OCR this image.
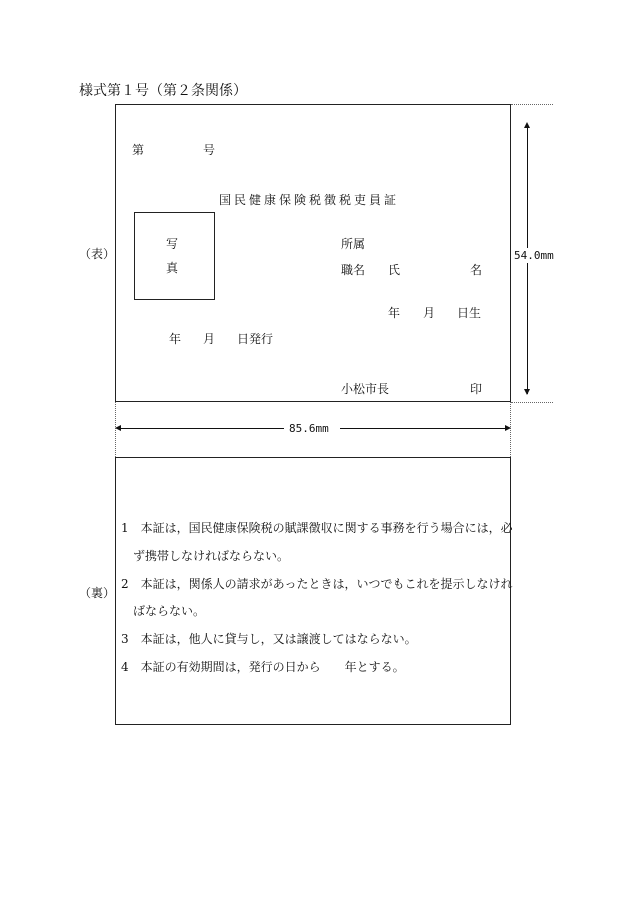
様式第１号（第２条関係）
（表）
第	号
国民健康保険税徴税吏員証
写
真
所属
職名 氏	名
年 月 日生
年 月 日発行
小松市長	印
54.0mm
85.6mm
（裏）
1　本証は，国民健康保険税の賦課徴収に関する事務を行う場合には，必
ず携帯しなければならない。
2　本証は，関係人の請求があったときは，いつでもこれを提示しなけれ
ばならない。
3　本証は，他人に貸与し，又は譲渡してはならない。
4　本証の有効期間は，発行の日から　　年とする。
